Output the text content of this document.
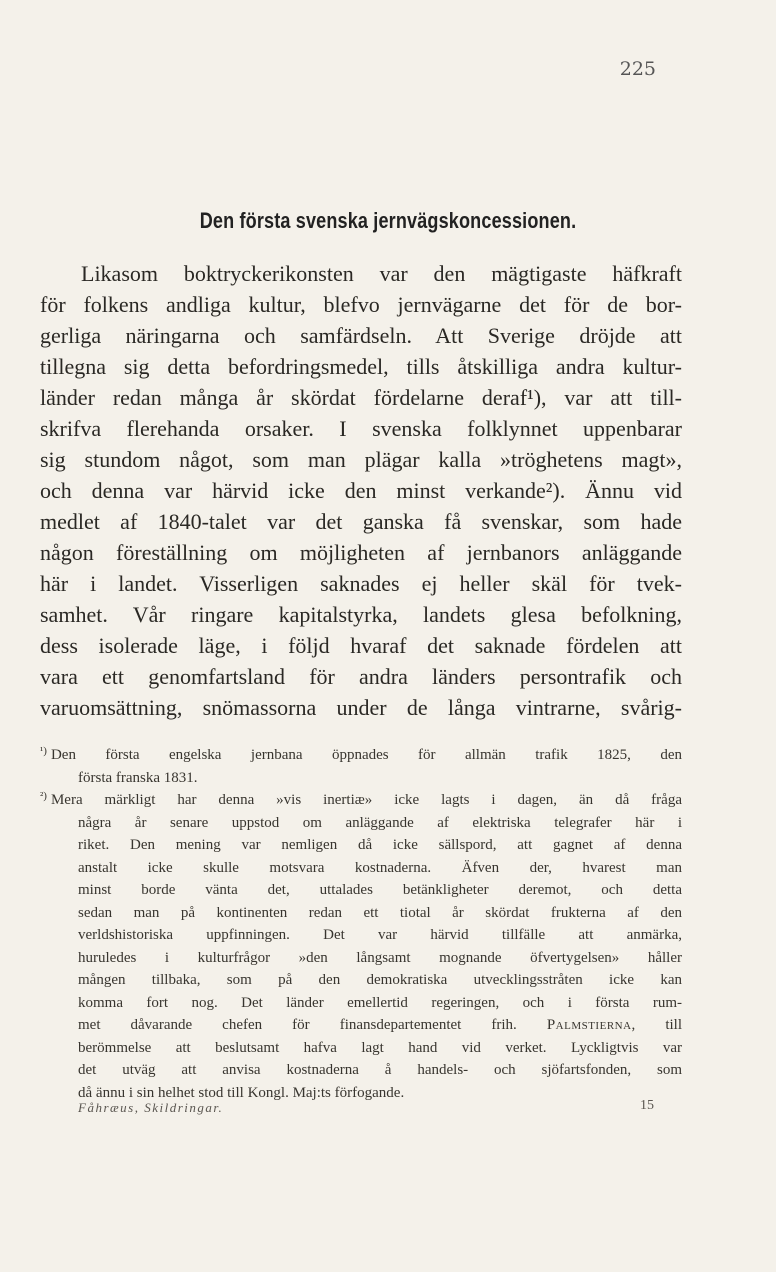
225
Den första svenska jernvägskoncessionen.
Likasom boktryckerikonsten var den mägtigaste häfkraft
för folkens andliga kultur, blefvo jernvägarne det för de bor-
gerliga näringarna och samfärdseln. Att Sverige dröjde att
tillegna sig detta befordringsmedel, tills åtskilliga andra kultur-
länder redan många år skördat fördelarne deraf¹), var att till-
skrifva flerehanda orsaker. I svenska folklynnet uppenbarar
sig stundom något, som man plägar kalla »tröghetens magt»,
och denna var härvid icke den minst verkande²). Ännu vid
medlet af 1840-talet var det ganska få svenskar, som hade
någon föreställning om möjligheten af jernbanors anläggande
här i landet. Visserligen saknades ej heller skäl för tvek-
samhet. Vår ringare kapitalstyrka, landets glesa befolkning,
dess isolerade läge, i följd hvaraf det saknade fördelen att
vara ett genomfartsland för andra länders persontrafik och
varuomsättning, snömassorna under de långa vintrarne, svårig-
¹) Den första engelska jernbana öppnades för allmän trafik 1825, den
första franska 1831.
²) Mera märkligt har denna »vis inertiæ» icke lagts i dagen, än då fråga
några år senare uppstod om anläggande af elektriska telegrafer här i
riket. Den mening var nemligen då icke sällspord, att gagnet af denna
anstalt icke skulle motsvara kostnaderna. Äfven der, hvarest man
minst borde vänta det, uttalades betänkligheter deremot, och detta
sedan man på kontinenten redan ett tiotal år skördat frukterna af den
verldshistoriska uppfinningen. Det var härvid tillfälle att anmärka,
huruledes i kulturfrågor »den långsamt mognande öfvertygelsen» håller
mången tillbaka, som på den demokratiska utvecklingsstråten icke kan
komma fort nog. Det länder emellertid regeringen, och i första rum-
met dåvarande chefen för finansdepartementet frih. Palmstierna, till
berömmelse att beslutsamt hafva lagt hand vid verket. Lyckligtvis var
det utväg att anvisa kostnaderna å handels- och sjöfartsfonden, som
då ännu i sin helhet stod till Kongl. Maj:ts förfogande.
Fåhræus, Skildringar.	15
